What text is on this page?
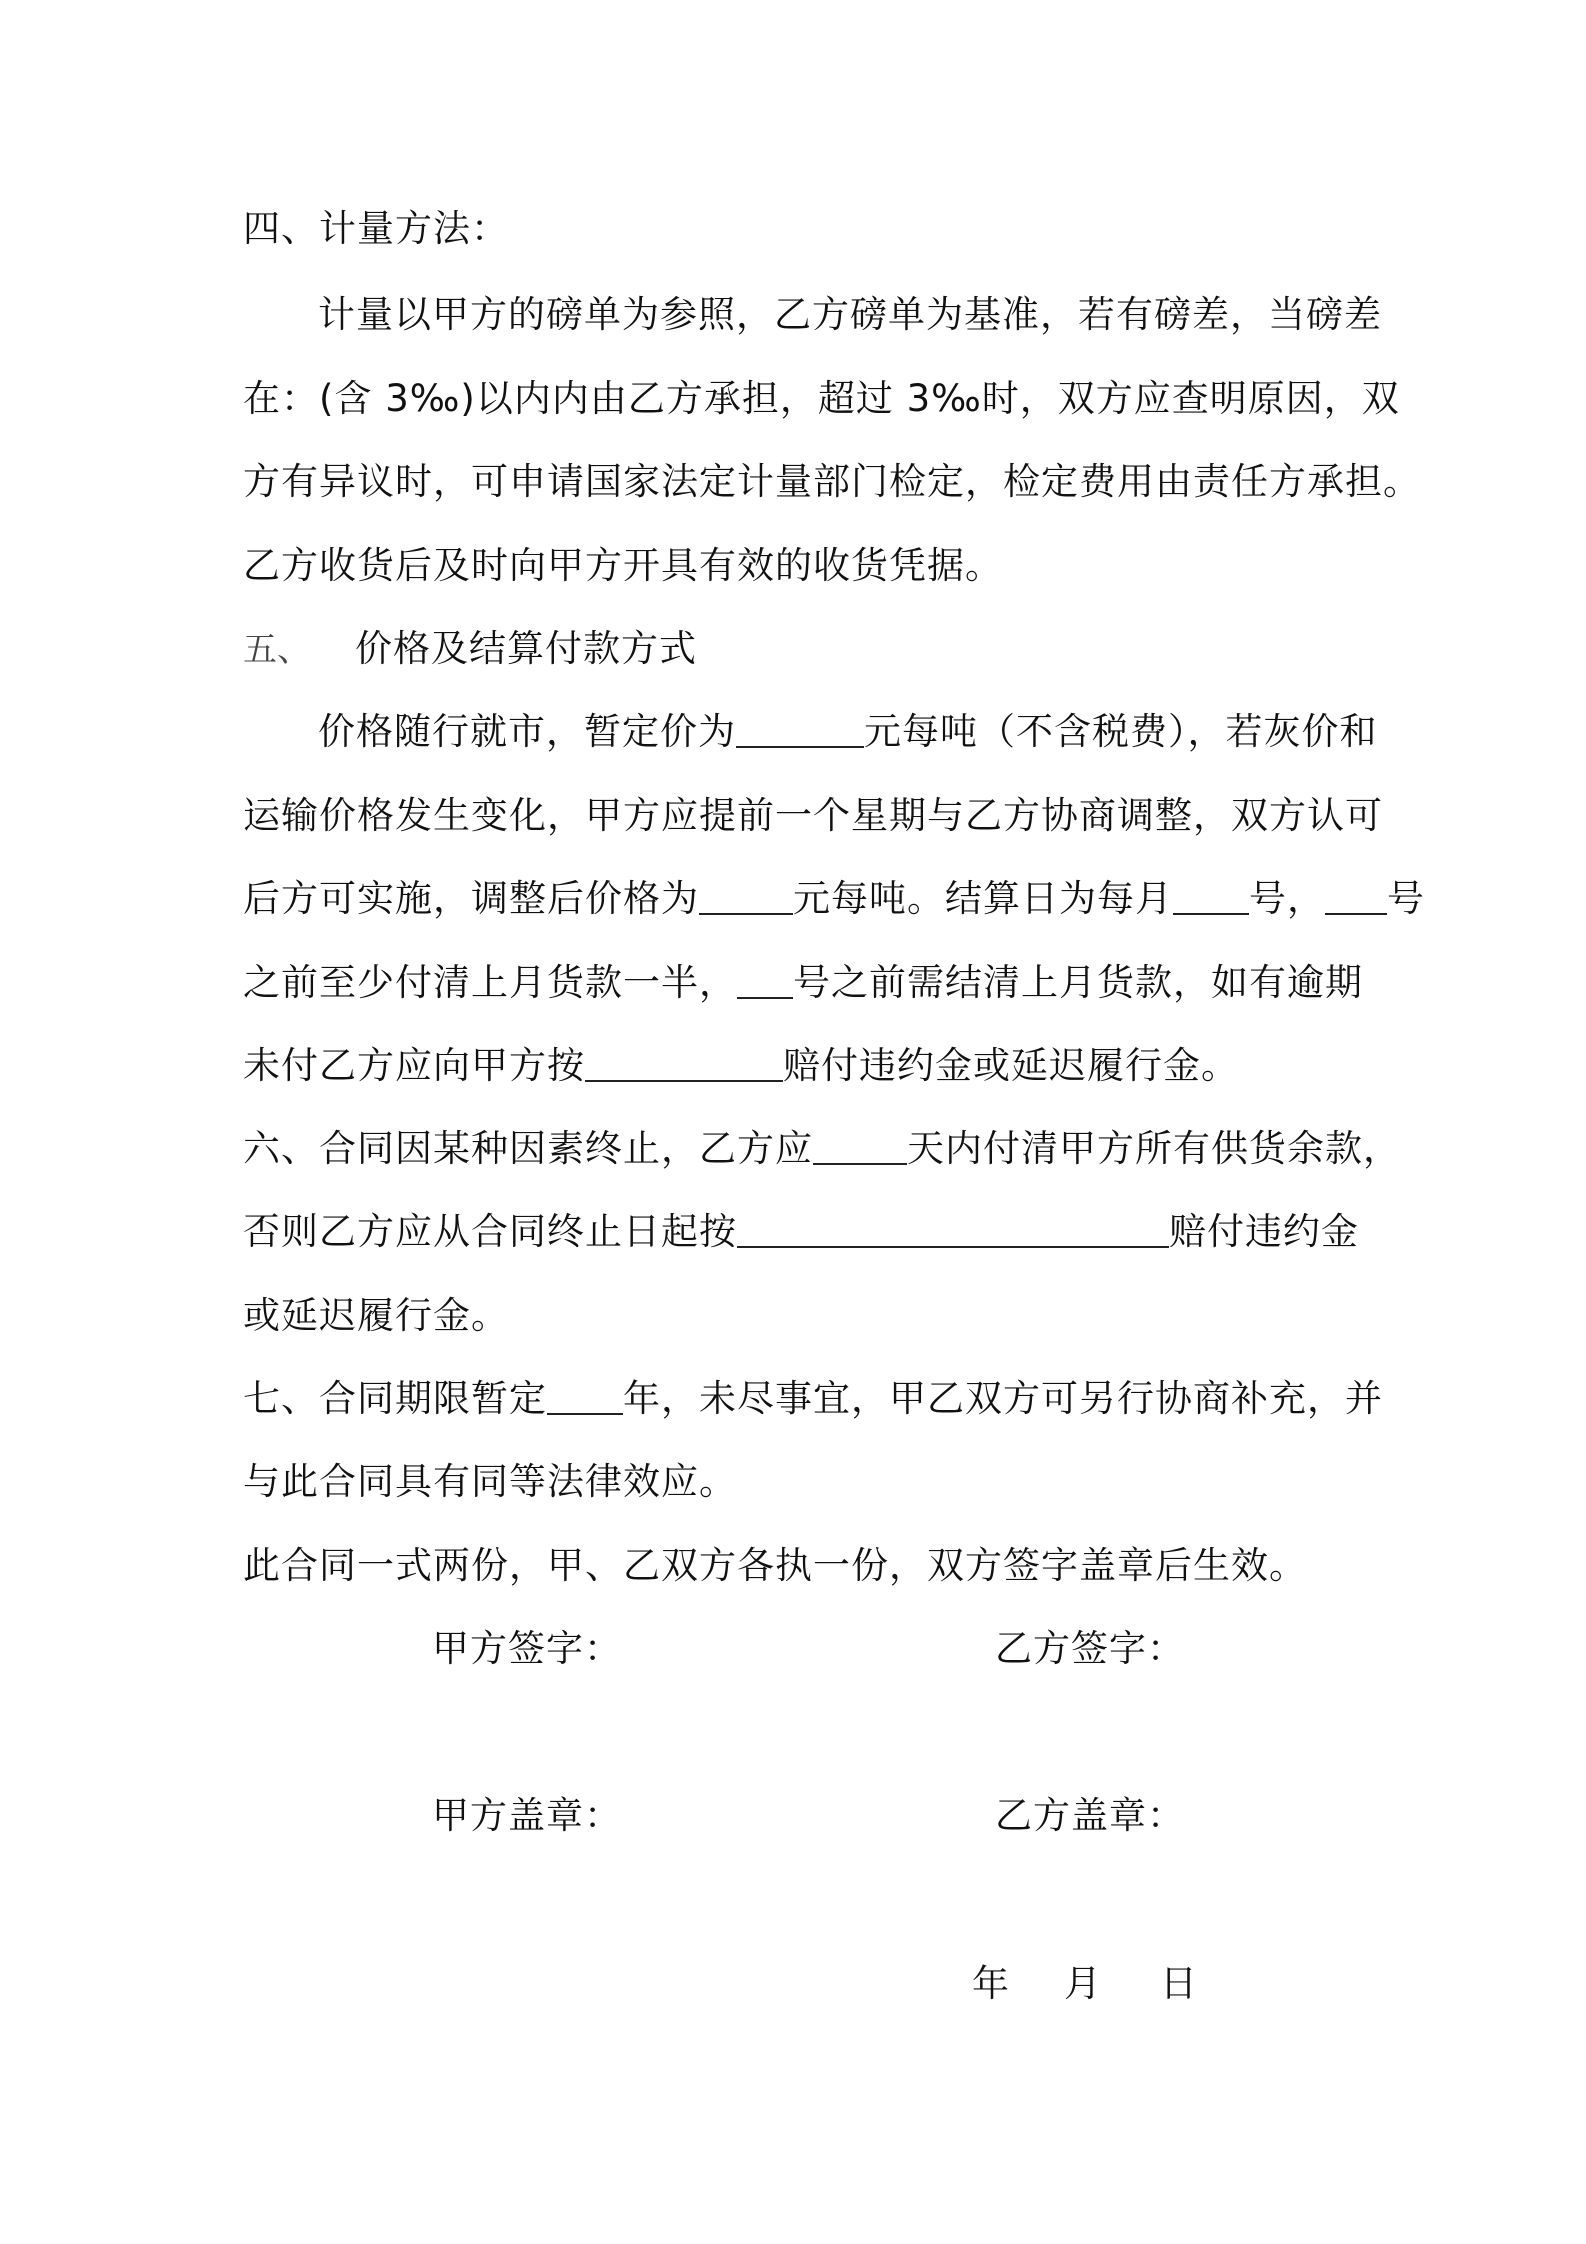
四、计量方法：
计量以甲方的磅单为参照，乙方磅单为基准，若有磅差，当磅差
在：(含 3‰)以内内由乙方承担，超过 3‰时，双方应查明原因，双
方有异议时，可申请国家法定计量部门检定，检定费用由责任方承担。
乙方收货后及时向甲方开具有效的收货凭据。
五、 价格及结算付款方式
价格随行就市，暂定价为	元每吨（不含税费），若灰价和
运输价格发生变化，甲方应提前一个星期与乙方协商调整，双方认可
后方可实施，调整后价格为	元每吨。结算日为每月 号， 号
之前至少付清上月货款一半， 号之前需结清上月货款，如有逾期
未付乙方应向甲方按	赔付违约金或延迟履行金。
六、合同因某种因素终止，乙方应	天内付清甲方所有供货余款，
否则乙方应从合同终止日起按	赔付违约金
或延迟履行金。
七、合同期限暂定 年，未尽事宜，甲乙双方可另行协商补充，并
与此合同具有同等法律效应。
此合同一式两份，甲、乙双方各执一份，双方签字盖章后生效。
甲方签字：	乙方签字：
甲方盖章：	乙方盖章：
年 月 日
